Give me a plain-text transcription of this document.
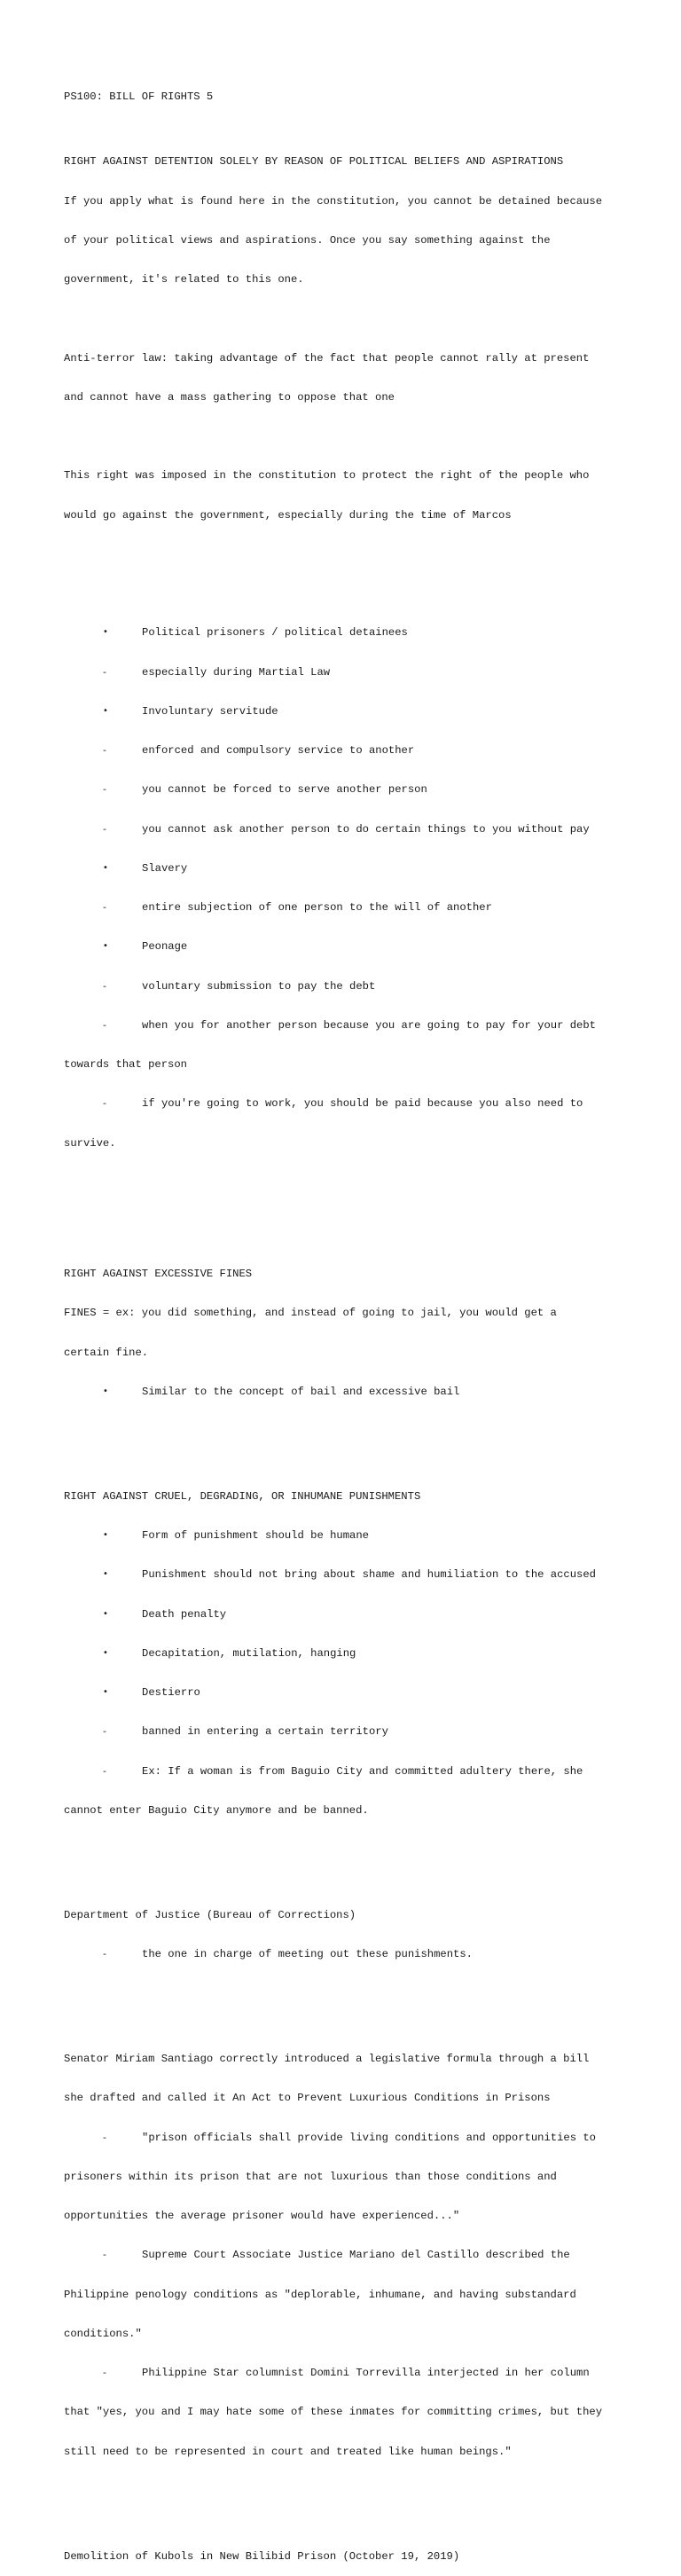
PS100: BILL OF RIGHTS 5

RIGHT AGAINST DETENTION SOLELY BY REASON OF POLITICAL BELIEFS AND ASPIRATIONS

If you apply what is found here in the constitution, you cannot be detained because

of your political views and aspirations. Once you say something against the

government, it's related to this one.

Anti-terror law: taking advantage of the fact that people cannot rally at present

and cannot have a mass gathering to oppose that one

This right was imposed in the constitution to protect the right of the people who

would go against the government, especially during the time of Marcos

•	Political prisoners / political detainees

-	especially during Martial Law

•	Involuntary servitude

-	enforced and compulsory service to another

-	you cannot be forced to serve another person

-	you cannot ask another person to do certain things to you without pay

•	Slavery

-	entire subjection of one person to the will of another

•	Peonage

-	voluntary submission to pay the debt

-	when you for another person because you are going to pay for your debt

towards that person

-	if you're going to work, you should be paid because you also need to

survive.

RIGHT AGAINST EXCESSIVE FINES

FINES = ex: you did something, and instead of going to jail, you would get a

certain fine.

•	Similar to the concept of bail and excessive bail

RIGHT AGAINST CRUEL, DEGRADING, OR INHUMANE PUNISHMENTS

•	Form of punishment should be humane

•	Punishment should not bring about shame and humiliation to the accused

•	Death penalty

•	Decapitation, mutilation, hanging

•	Destierro

-	banned in entering a certain territory

-	Ex: If a woman is from Baguio City and committed adultery there, she

cannot enter Baguio City anymore and be banned.

Department of Justice (Bureau of Corrections)

-	the one in charge of meeting out these punishments.

Senator Miriam Santiago correctly introduced a legislative formula through a bill

she drafted and called it An Act to Prevent Luxurious Conditions in Prisons

-	"prison officials shall provide living conditions and opportunities to

prisoners within its prison that are not luxurious than those conditions and

opportunities the average prisoner would have experienced..."

-	Supreme Court Associate Justice Mariano del Castillo described the

Philippine penology conditions as "deplorable, inhumane, and having substandard

conditions."

-	Philippine Star columnist Domini Torrevilla interjected in her column

that "yes, you and I may hate some of these inmates for committing crimes, but they

still need to be represented in court and treated like human beings."

Demolition of Kubols in New Bilibid Prison (October 19, 2019)
